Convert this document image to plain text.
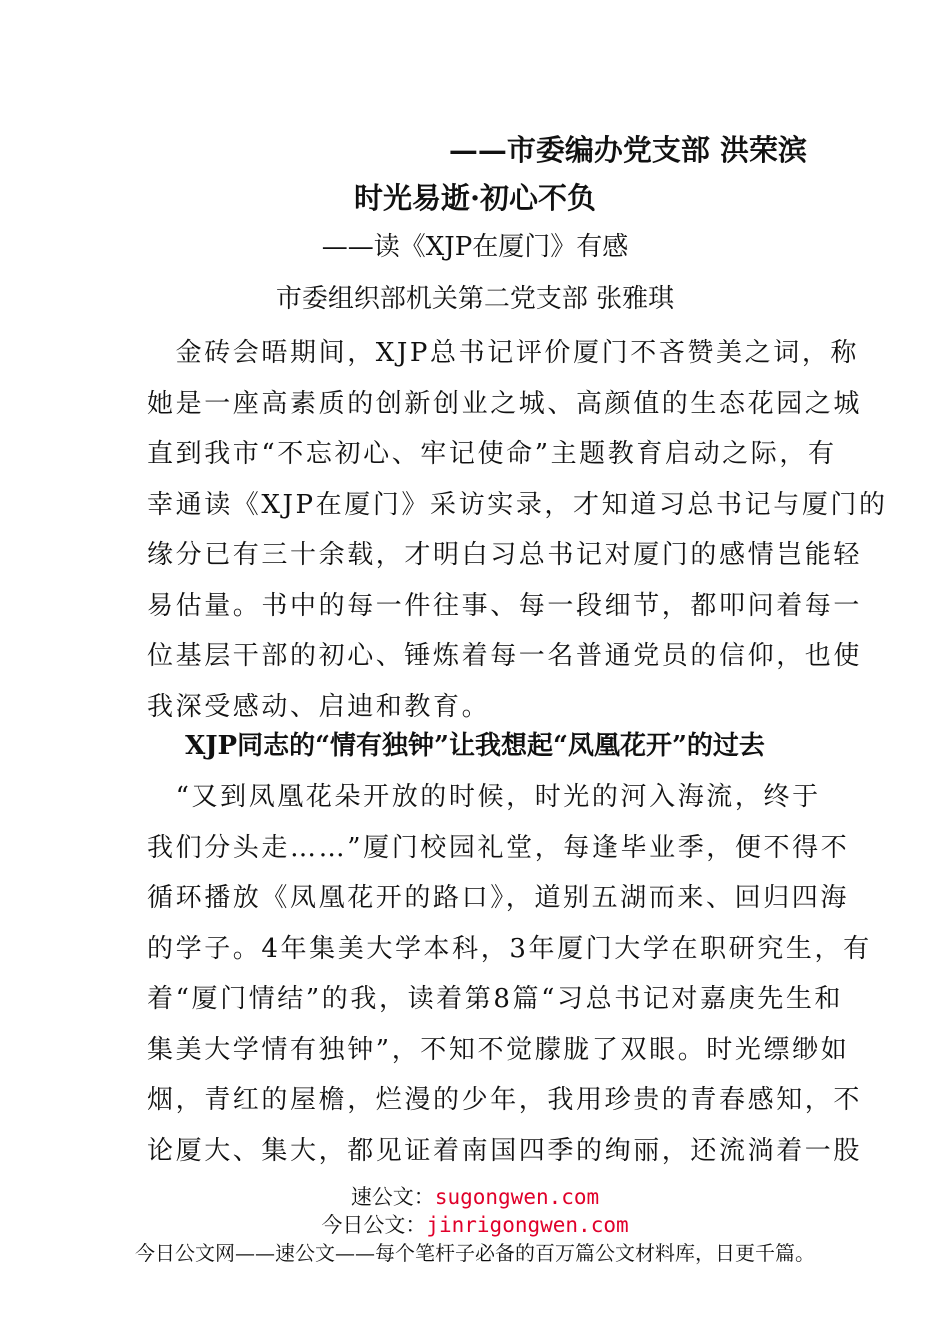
——市委编办党支部 洪荣滨
时光易逝·初心不负
——读《XJP在厦门》有感
市委组织部机关第二党支部 张雅琪
　金砖会晤期间，XJP总书记评价厦门不吝赞美之词，称
她是一座高素质的创新创业之城、高颜值的生态花园之城
直到我市“不忘初心、牢记使命”主题教育启动之际，有
幸通读《XJP在厦门》采访实录，才知道习总书记与厦门的
缘分已有三十余载，才明白习总书记对厦门的感情岂能轻
易估量。书中的每一件往事、每一段细节，都叩问着每一
位基层干部的初心、锤炼着每一名普通党员的信仰，也使
我深受感动、启迪和教育。
XJP同志的“情有独钟”让我想起“凤凰花开”的过去
　“又到凤凰花朵开放的时候，时光的河入海流，终于
我们分头走……”厦门校园礼堂，每逢毕业季，便不得不
循环播放《凤凰花开的路口》，道别五湖而来、回归四海
的学子。4年集美大学本科，3年厦门大学在职研究生，有
着“厦门情结”的我，读着第8篇“习总书记对嘉庚先生和
集美大学情有独钟”，不知不觉朦胧了双眼。时光缥缈如
烟，青红的屋檐，烂漫的少年，我用珍贵的青春感知，不
论厦大、集大，都见证着南国四季的绚丽，还流淌着一股
速公文：sugongwen.com
今日公文：jinrigongwen.com
今日公文网——速公文——每个笔杆子必备的百万篇公文材料库，日更千篇。
